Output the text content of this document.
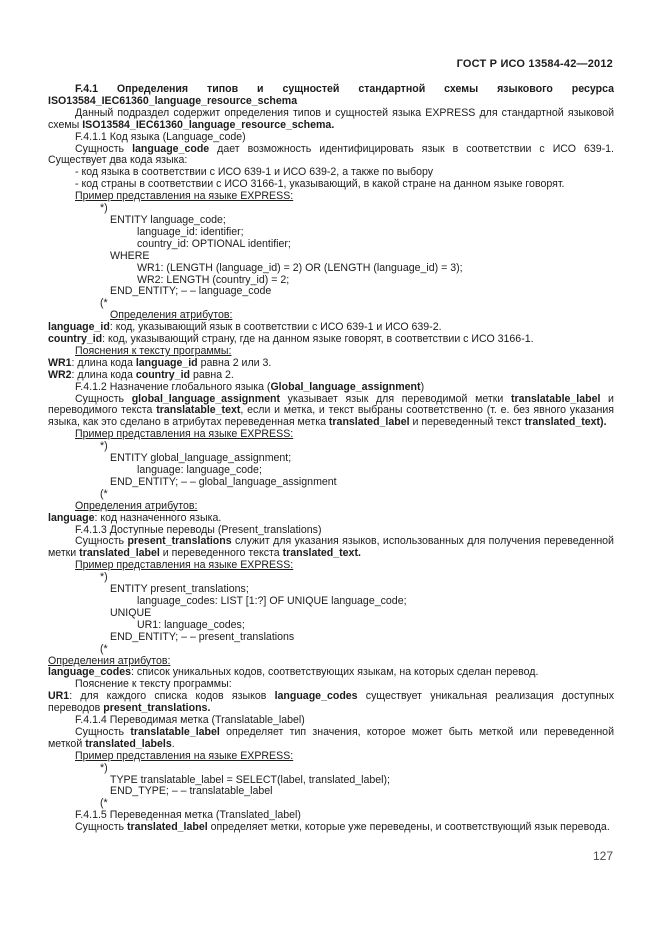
ГОСТ Р ИСО 13584-42—2012

F.4.1 Определения типов и сущностей стандартной схемы языкового ресурса ISO13584_IEC61360_language_resource_schema

Данный подраздел содержит определения типов и сущностей языка EXPRESS для стандартной языковой схемы ISO13584_IEC61360_language_resource_schema.

F.4.1.1 Код языка (Language_code)

Сущность language_code дает возможность идентифицировать язык в соответствии с ИСО 639-1. Существует два кода языка:

- код языка в соответствии с ИСО 639-1 и ИСО 639-2, а также по выбору

- код страны в соответствии с ИСО 3166-1, указывающий, в какой стране на данном языке говорят.

Пример представления на языке EXPRESS:

*)

ENTITY language_code;

language_id: identifier;

country_id: OPTIONAL identifier;

WHERE

WR1: (LENGTH (language_id) = 2) OR (LENGTH (language_id) = 3);

WR2: LENGTH (country_id) = 2;

END_ENTITY; – – language_code

(*

Определения атрибутов:

language_id: код, указывающий язык в соответствии с ИСО 639-1 и ИСО 639-2.

country_id: код, указывающий страну, где на данном языке говорят, в соответствии с ИСО 3166-1.

Пояснения к тексту программы:

WR1: длина кода language_id равна 2 или 3.

WR2: длина кода country_id равна 2.

F.4.1.2 Назначение глобального языка (Global_language_assignment)

Сущность global_language_assignment указывает язык для переводимой метки translatable_label и переводимого текста translatable_text, если и метка, и текст выбраны соответственно (т. е. без явного указания языка, как это сделано в атрибутах переведенная метка translated_label и переведенный текст translated_text).

Пример представления на языке EXPRESS:

*)

ENTITY global_language_assignment;

language: language_code;

END_ENTITY; – – global_language_assignment

(*

Определения атрибутов:

language: код назначенного языка.

F.4.1.3 Доступные переводы (Present_translations)

Сущность present_translations служит для указания языков, использованных для получения переведенной метки translated_label и переведенного текста translated_text.

Пример представления на языке EXPRESS:

*)

ENTITY present_translations;

language_codes: LIST [1:?] OF UNIQUE language_code;

UNIQUE

UR1: language_codes;

END_ENTITY; – – present_translations

(*

Определения атрибутов:

language_codes: список уникальных кодов, соответствующих языкам, на которых сделан перевод.

Пояснение к тексту программы:

UR1: для каждого списка кодов языков language_codes существует уникальная реализация доступных переводов present_translations.

F.4.1.4 Переводимая метка (Translatable_label)

Сущность translatable_label определяет тип значения, которое может быть меткой или переведенной меткой translated_labels.

Пример представления на языке EXPRESS:

*)

TYPE translatable_label = SELECT(label, translated_label);

END_TYPE; – – translatable_label

(*

F.4.1.5 Переведенная метка (Translated_label)

Сущность translated_label определяет метки, которые уже переведены, и соответствующий язык перевода.

127
